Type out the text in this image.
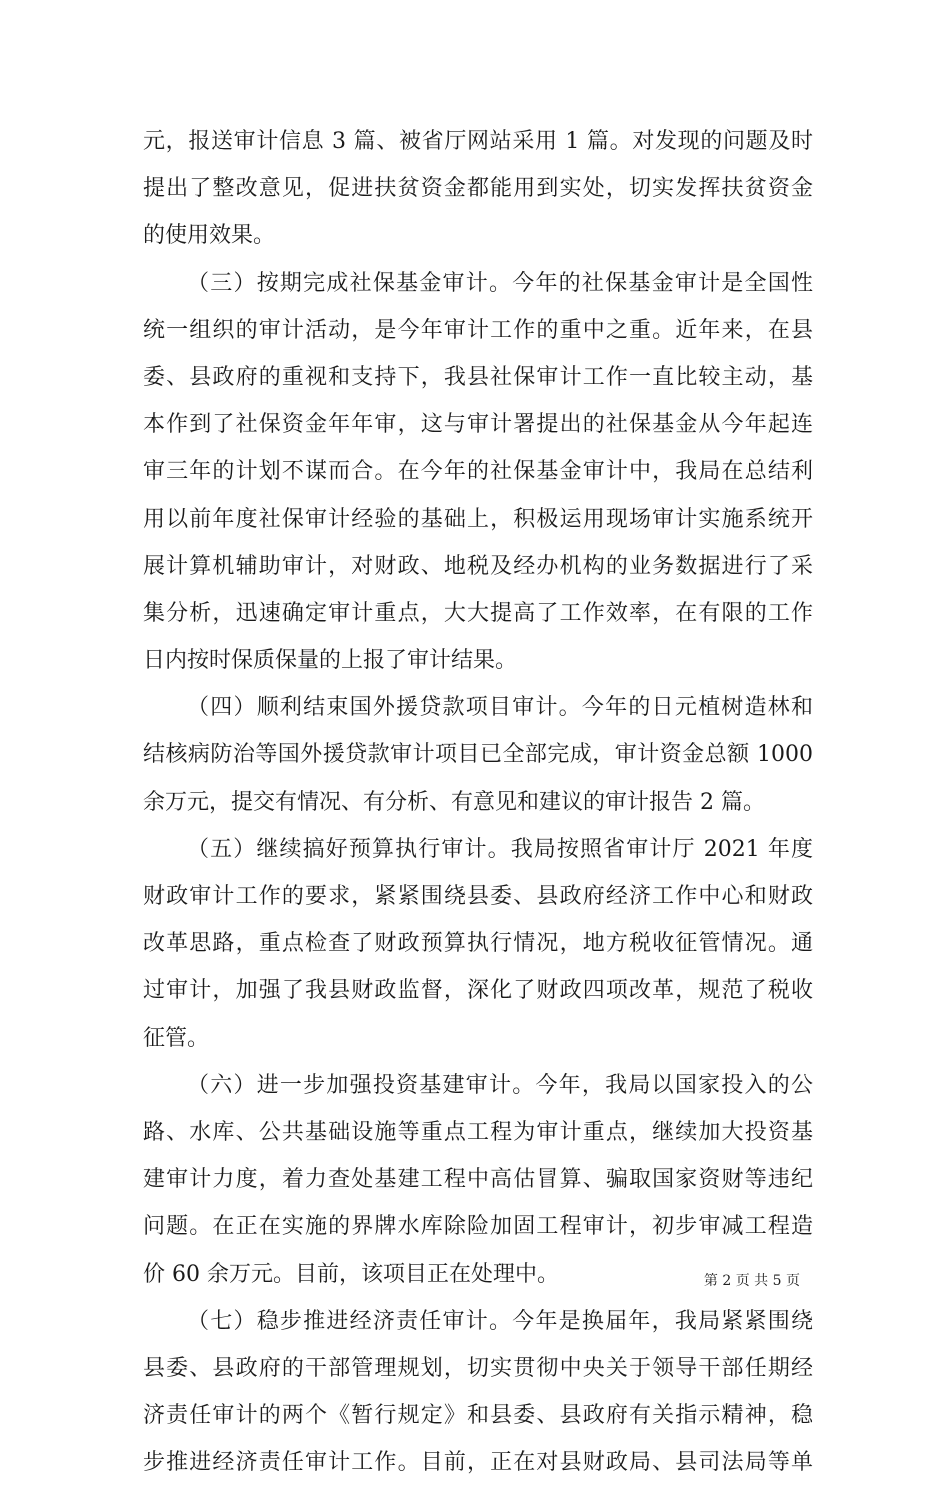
元，报送审计信息 3 篇、被省厅网站采用 1 篇。对发现的问题及时
提出了整改意见，促进扶贫资金都能用到实处，切实发挥扶贫资金
的使用效果。
（三）按期完成社保基金审计。今年的社保基金审计是全国性
统一组织的审计活动，是今年审计工作的重中之重。近年来，在县
委、县政府的重视和支持下，我县社保审计工作一直比较主动，基
本作到了社保资金年年审，这与审计署提出的社保基金从今年起连
审三年的计划不谋而合。在今年的社保基金审计中，我局在总结利
用以前年度社保审计经验的基础上，积极运用现场审计实施系统开
展计算机辅助审计，对财政、地税及经办机构的业务数据进行了采
集分析，迅速确定审计重点，大大提高了工作效率，在有限的工作
日内按时保质保量的上报了审计结果。
（四）顺利结束国外援贷款项目审计。今年的日元植树造林和
结核病防治等国外援贷款审计项目已全部完成，审计资金总额 1000
余万元，提交有情况、有分析、有意见和建议的审计报告 2 篇。
（五）继续搞好预算执行审计。我局按照省审计厅 2021 年度
财政审计工作的要求，紧紧围绕县委、县政府经济工作中心和财政
改革思路，重点检查了财政预算执行情况，地方税收征管情况。通
过审计，加强了我县财政监督，深化了财政四项改革，规范了税收
征管。
（六）进一步加强投资基建审计。今年，我局以国家投入的公
路、水库、公共基础设施等重点工程为审计重点，继续加大投资基
建审计力度，着力查处基建工程中高估冒算、骗取国家资财等违纪
问题。在正在实施的界牌水库除险加固工程审计，初步审减工程造
价 60 余万元。目前，该项目正在处理中。
（七）稳步推进经济责任审计。今年是换届年，我局紧紧围绕
县委、县政府的干部管理规划，切实贯彻中央关于领导干部任期经
济责任审计的两个《暂行规定》和县委、县政府有关指示精神，稳
步推进经济责任审计工作。目前，正在对县财政局、县司法局等单
第 2 页 共 5 页
